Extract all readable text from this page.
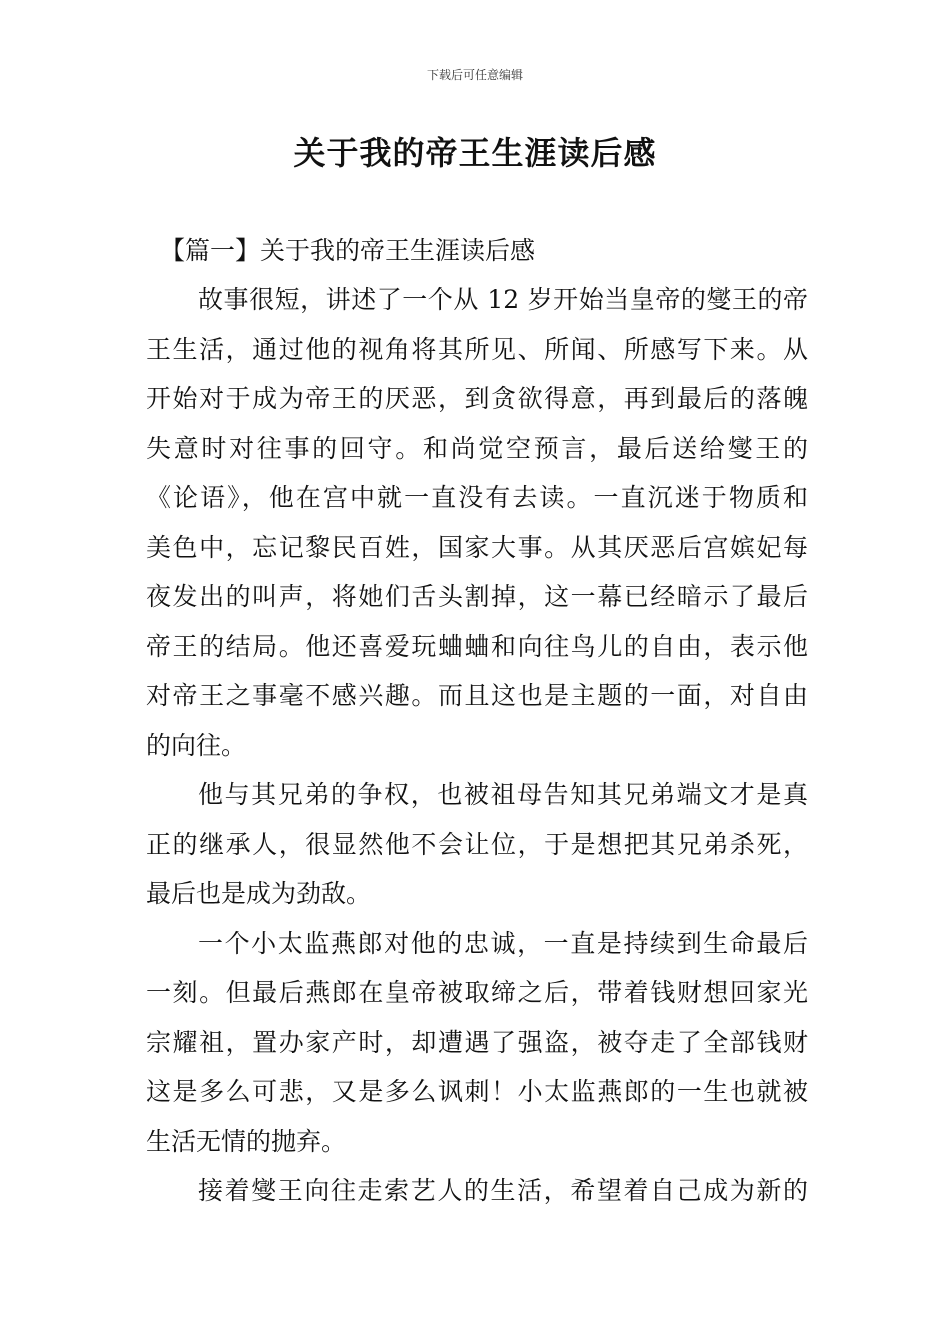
下载后可任意编辑
关于我的帝王生涯读后感

【篇一】关于我的帝王生涯读后感

故事很短，讲述了一个从 12 岁开始当皇帝的燮王的帝
王生活，通过他的视角将其所见、所闻、所感写下来。从
开始对于成为帝王的厌恶，到贪欲得意，再到最后的落魄
失意时对往事的回守。和尚觉空预言，最后送给燮王的
《论语》，他在宫中就一直没有去读。一直沉迷于物质和
美色中，忘记黎民百姓，国家大事。从其厌恶后宫嫔妃每
夜发出的叫声，将她们舌头割掉，这一幕已经暗示了最后
帝王的结局。他还喜爱玩蛐蛐和向往鸟儿的自由，表示他
对帝王之事毫不感兴趣。而且这也是主题的一面，对自由
的向往。

他与其兄弟的争权，也被祖母告知其兄弟端文才是真
正的继承人，很显然他不会让位，于是想把其兄弟杀死，
最后也是成为劲敌。

一个小太监燕郎对他的忠诚，一直是持续到生命最后
一刻。但最后燕郎在皇帝被取缔之后，带着钱财想回家光
宗耀祖，置办家产时，却遭遇了强盗，被夺走了全部钱财
这是多么可悲，又是多么讽刺！小太监燕郎的一生也就被
生活无情的抛弃。

接着燮王向往走索艺人的生活，希望着自己成为新的
